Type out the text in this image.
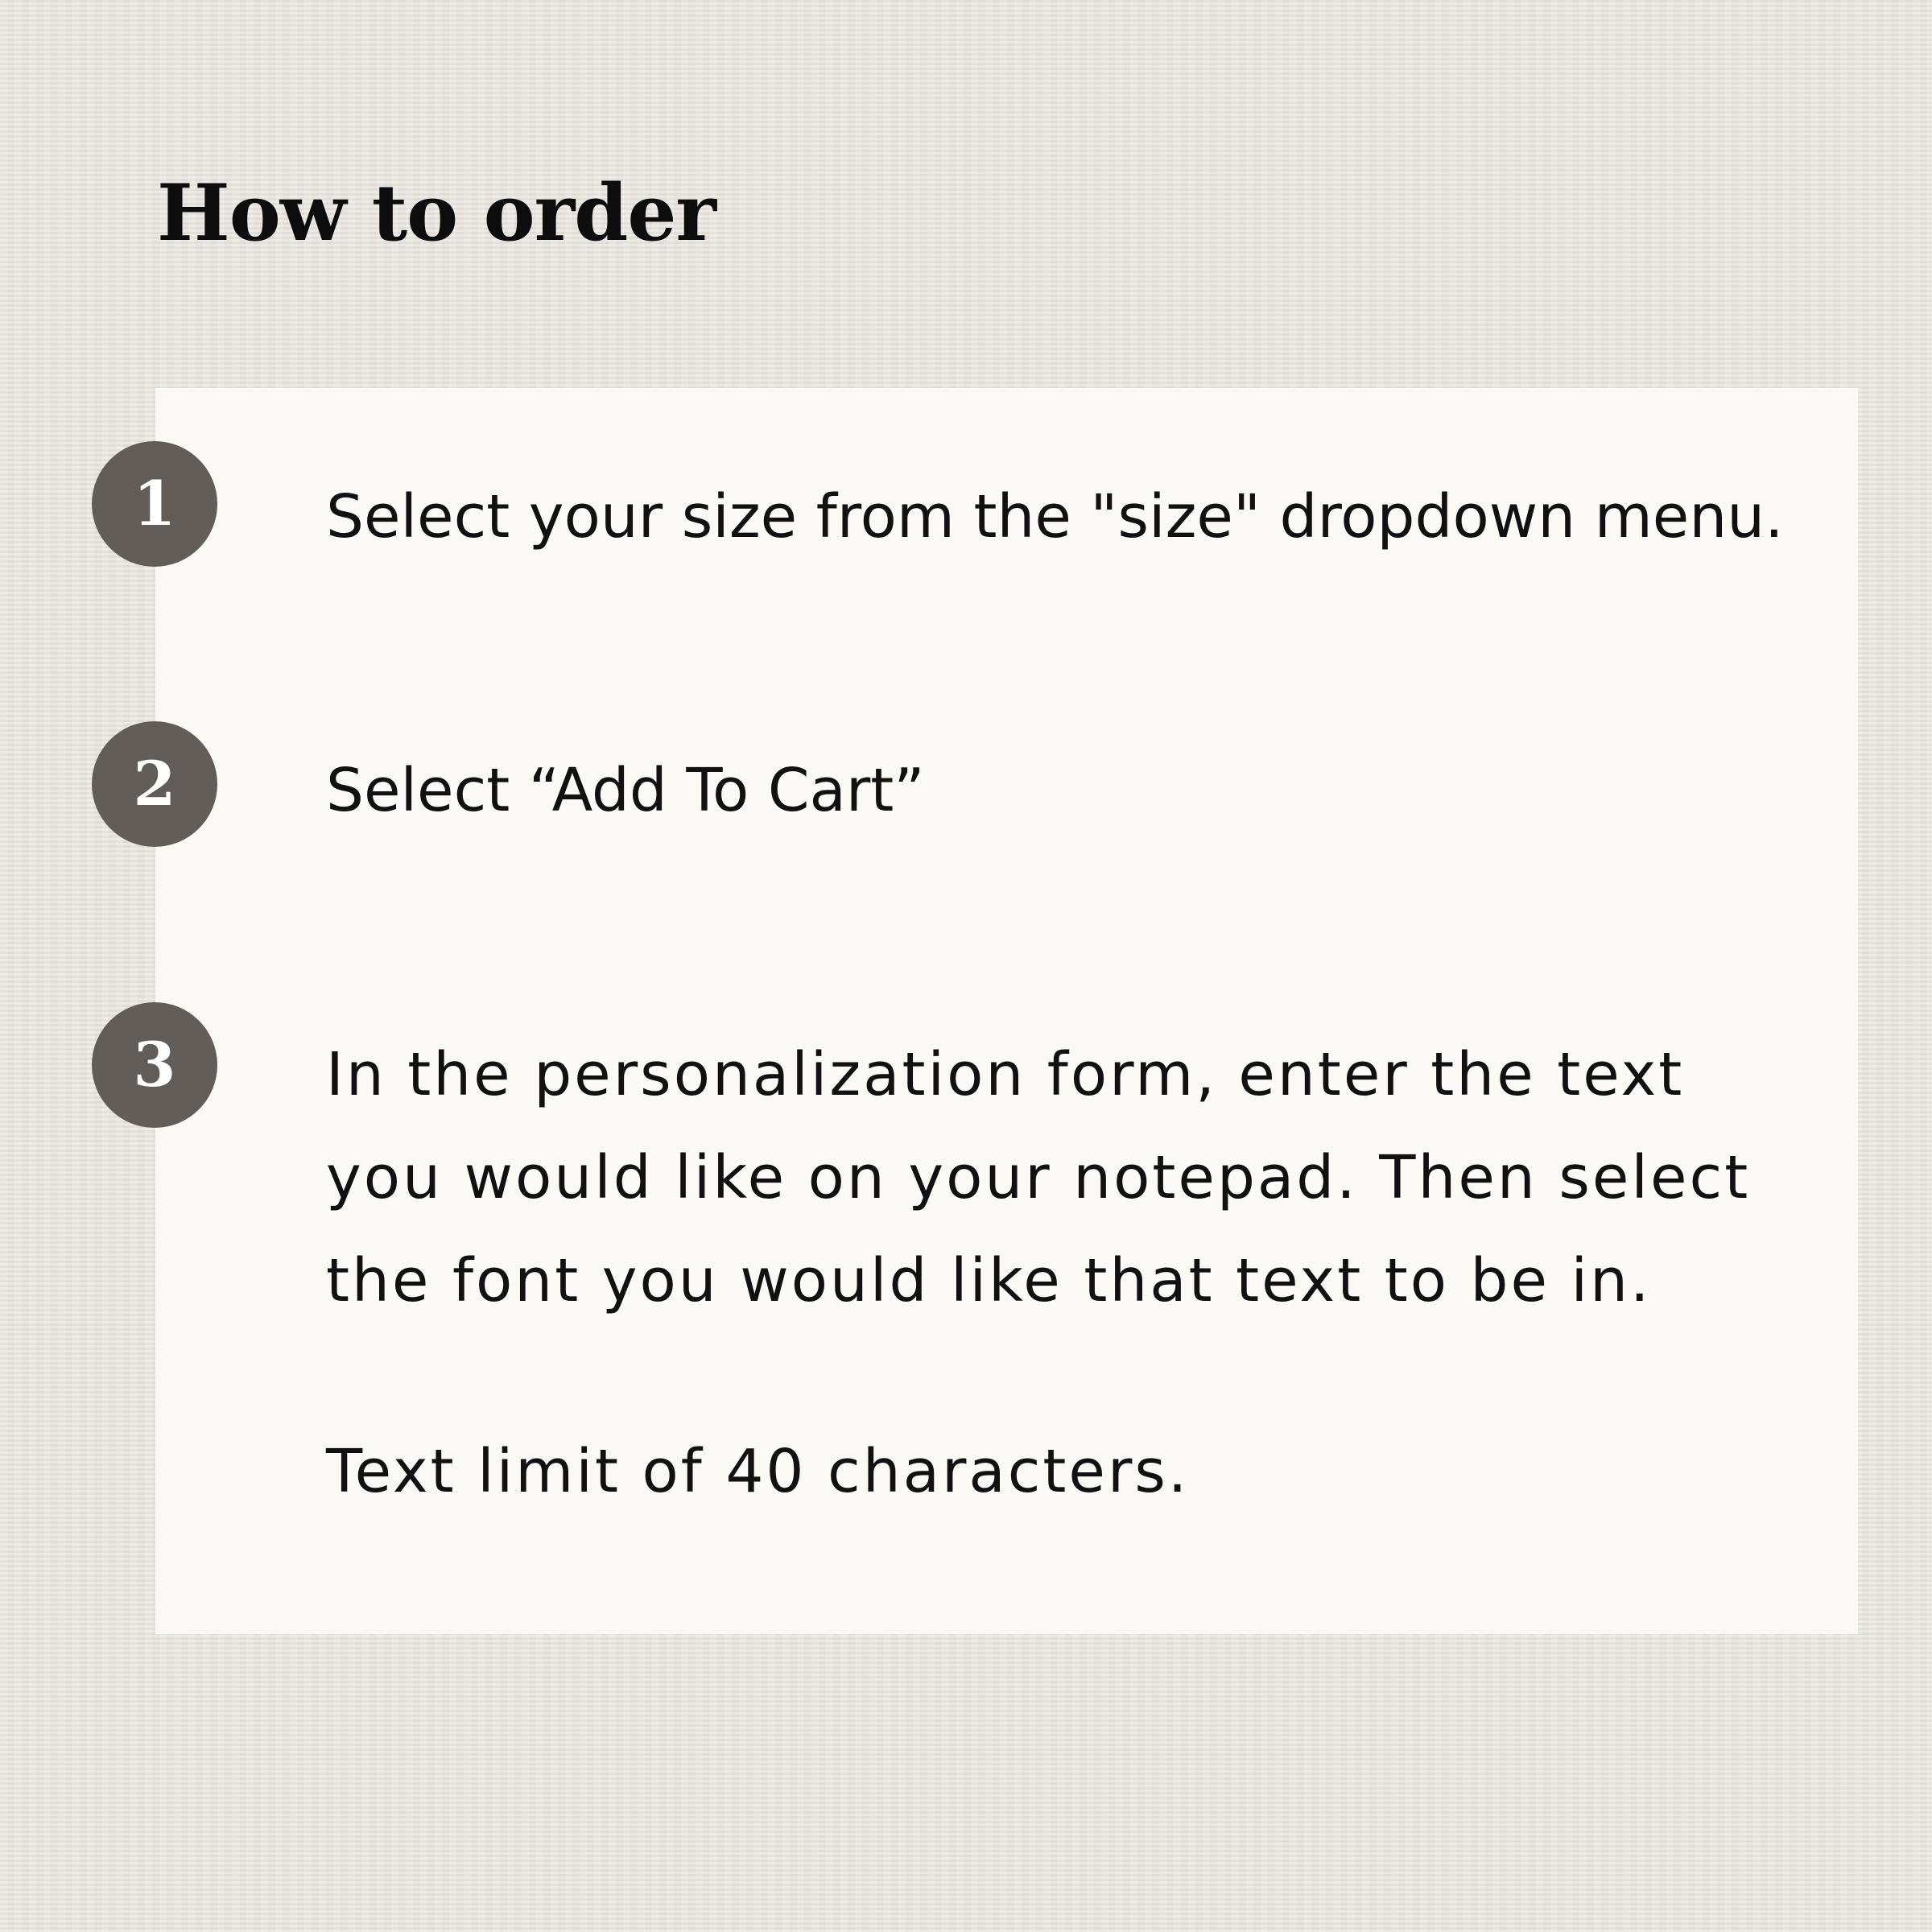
How to order
1	Select your size from the "size" dropdown menu.

2	Select “Add To Cart”

3	In the personalization form, enter the text
you would like on your notepad. Then select
the font you would like that text to be in.

Text limit of 40 characters.
